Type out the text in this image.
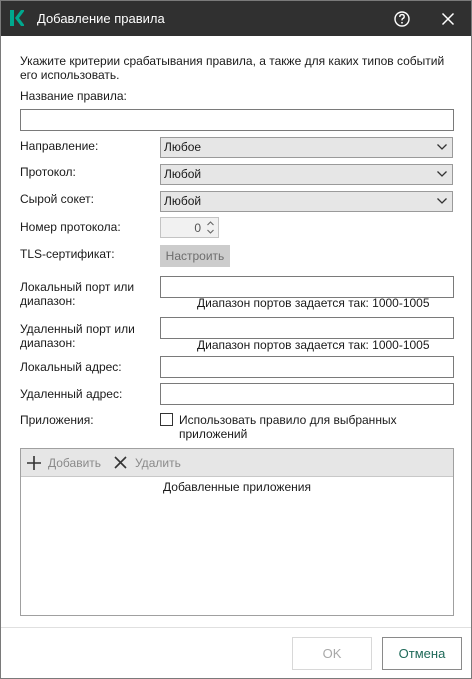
Добавление правила
Укажите критерии срабатывания правила, а также для каких типов событий его использовать.
Название правила:
Направление:	Любое
Протокол:	Любой
Сырой сокет:	Любой
Номер протокола:	0
TLS-сертификат:	Настроить
Локальный порт или диапазон:	Диапазон портов задается так: 1000-1005
Удаленный порт или диапазон:	Диапазон портов задается так: 1000-1005
Локальный адрес:
Удаленный адрес:
Приложения:	Использовать правило для выбранных приложений
Добавить	Удалить
Добавленные приложения
OK	Отмена
